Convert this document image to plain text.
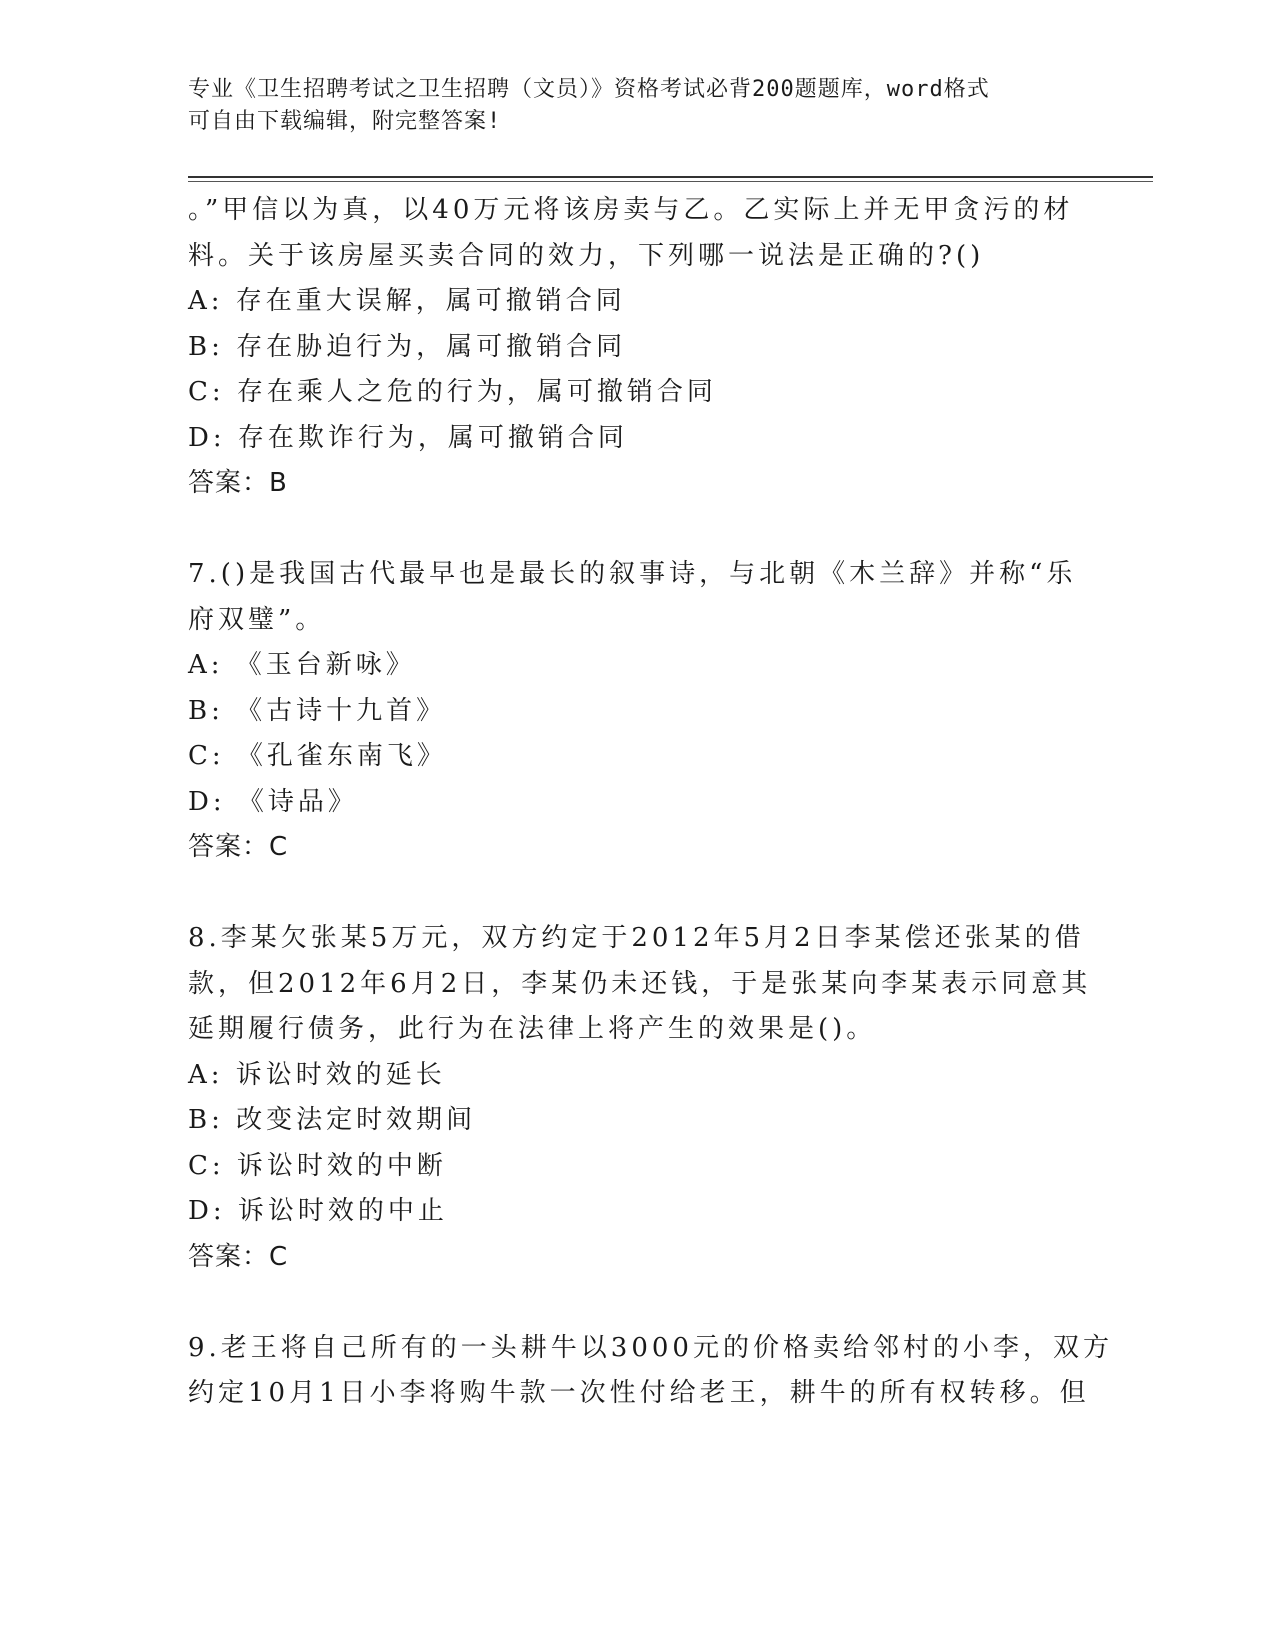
专业《卫生招聘考试之卫生招聘（文员）》资格考试必背200题题库，word格式
可自由下载编辑，附完整答案!
。”甲信以为真，以40万元将该房卖与乙。乙实际上并无甲贪污的材
料。关于该房屋买卖合同的效力，下列哪一说法是正确的?()
A: 存在重大误解，属可撤销合同
B: 存在胁迫行为，属可撤销合同
C: 存在乘人之危的行为，属可撤销合同
D: 存在欺诈行为，属可撤销合同
答案：B
7.()是我国古代最早也是最长的叙事诗，与北朝《木兰辞》并称“乐
府双璧”。
A: 《玉台新咏》
B: 《古诗十九首》
C: 《孔雀东南飞》
D: 《诗品》
答案：C
8.李某欠张某5万元，双方约定于2012年5月2日李某偿还张某的借
款，但2012年6月2日，李某仍未还钱，于是张某向李某表示同意其
延期履行债务，此行为在法律上将产生的效果是()。
A: 诉讼时效的延长
B: 改变法定时效期间
C: 诉讼时效的中断
D: 诉讼时效的中止
答案：C
9.老王将自己所有的一头耕牛以3000元的价格卖给邻村的小李，双方
约定10月1日小李将购牛款一次性付给老王，耕牛的所有权转移。但
